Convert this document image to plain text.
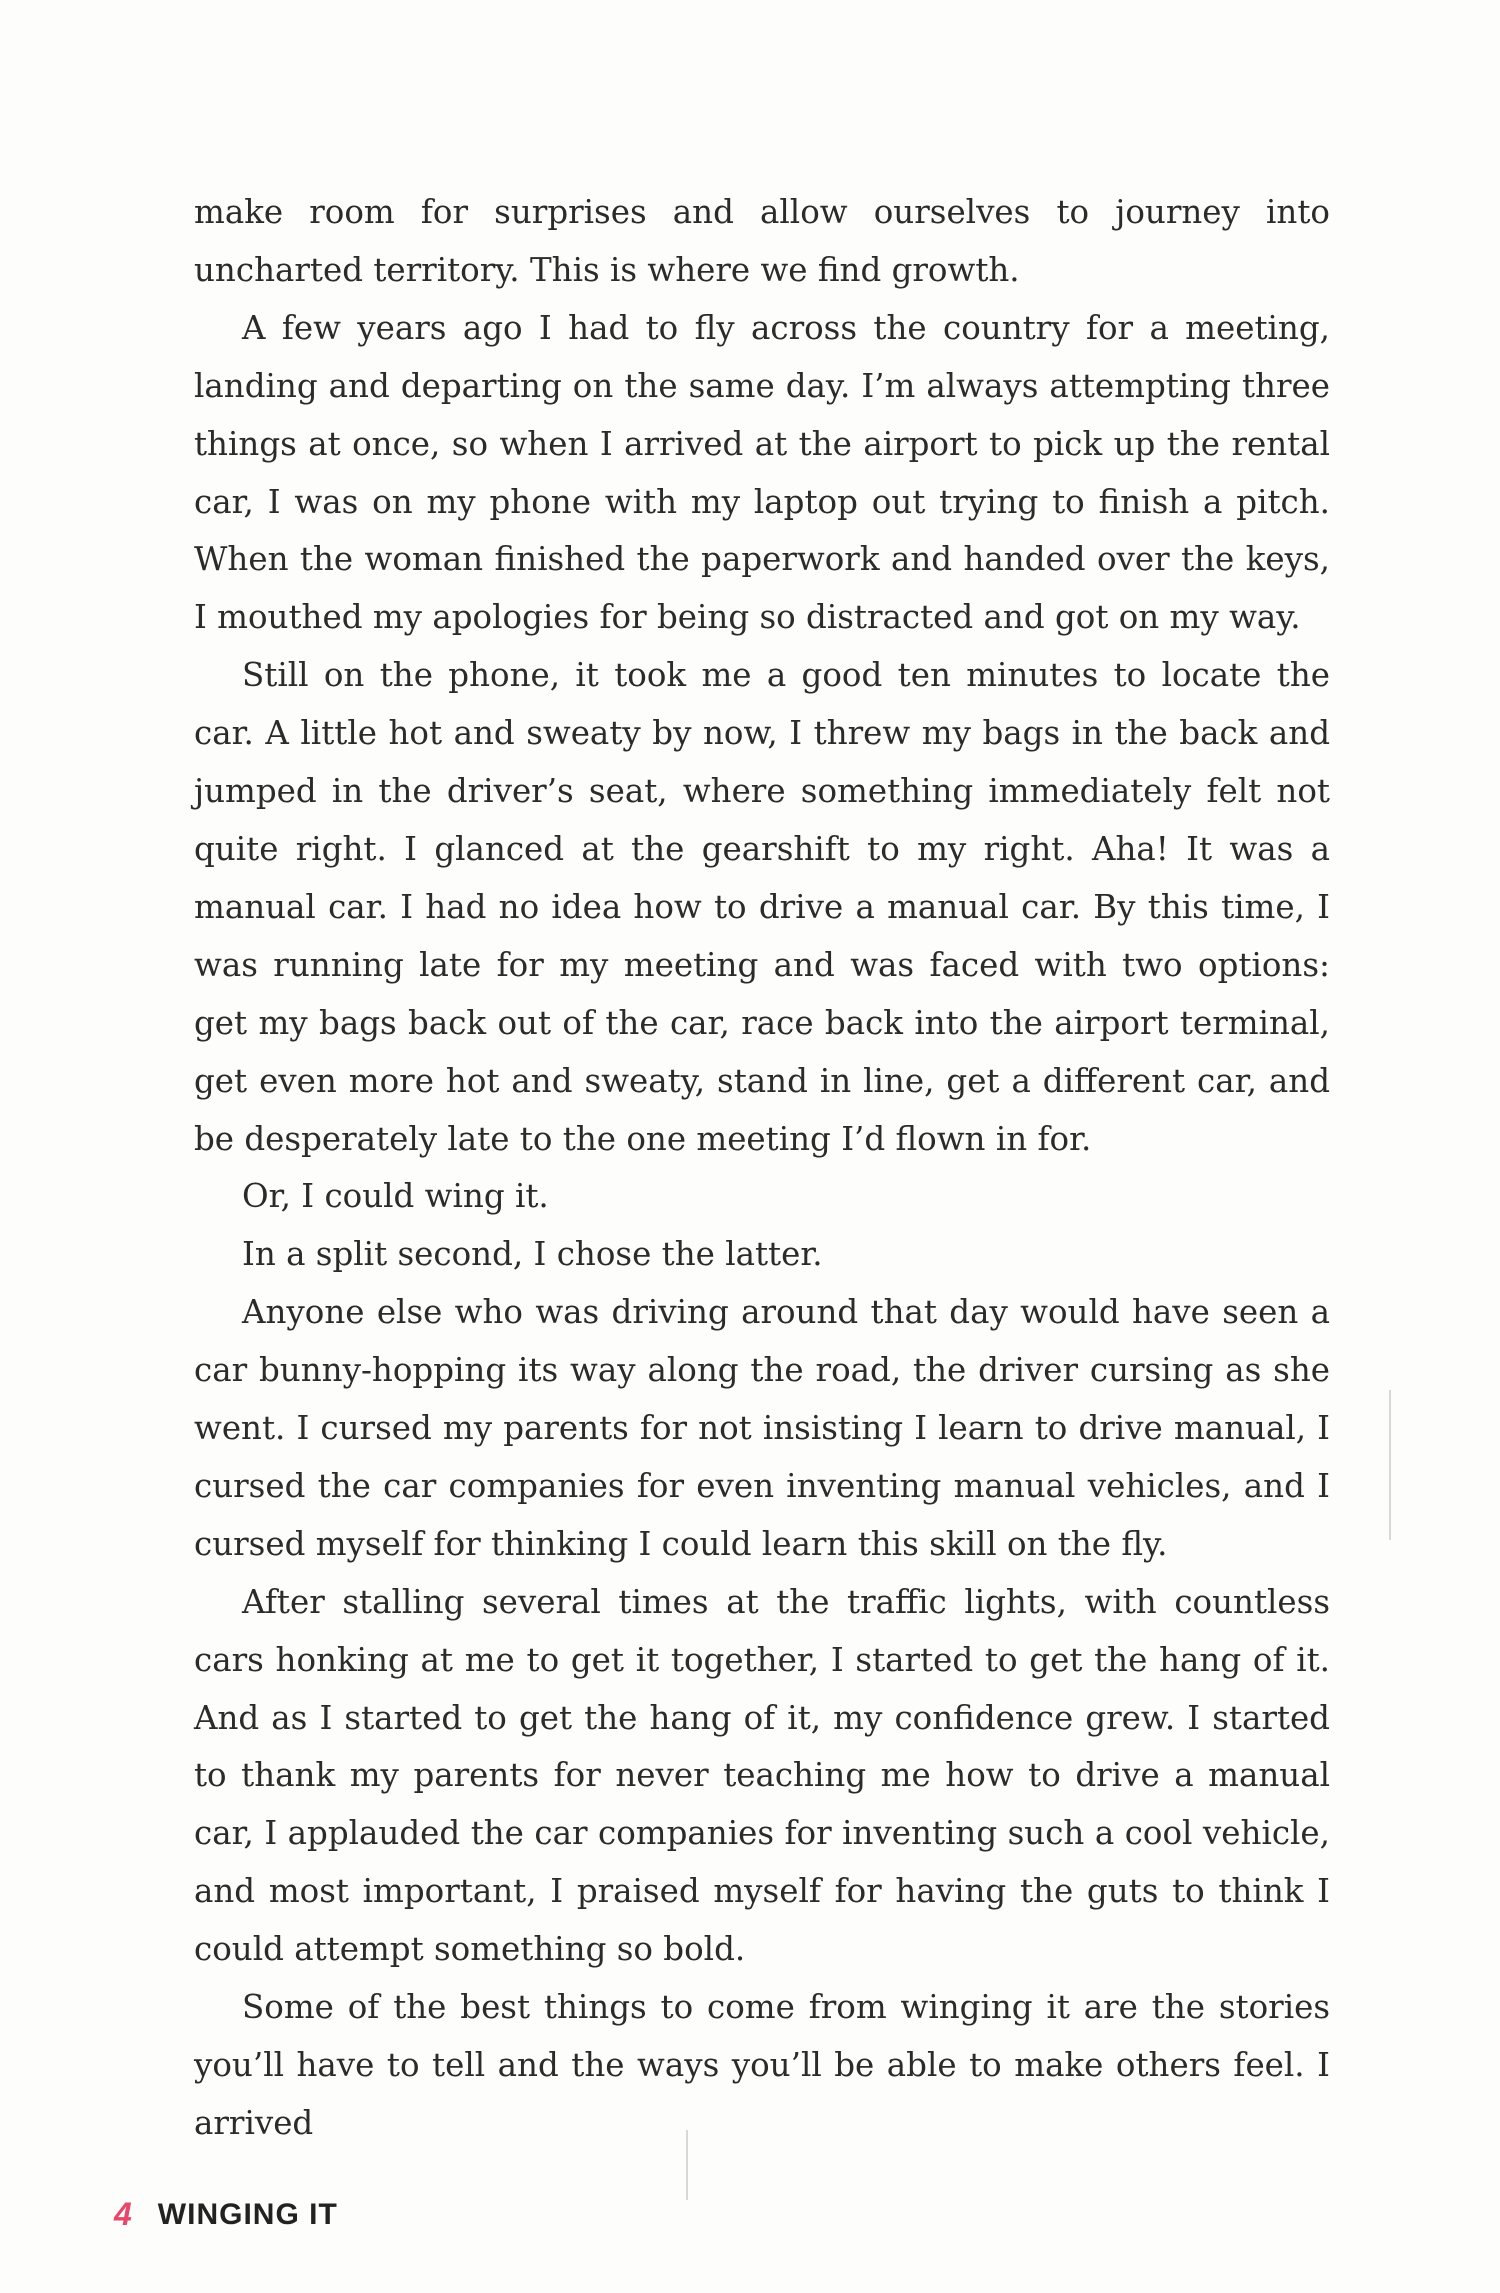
make room for surprises and allow ourselves to journey into uncharted territory. This is where we find growth.

A few years ago I had to fly across the country for a meeting, landing and departing on the same day. I’m always attempting three things at once, so when I arrived at the airport to pick up the rental car, I was on my phone with my laptop out trying to finish a pitch. When the woman finished the paperwork and handed over the keys, I mouthed my apologies for being so distracted and got on my way.

Still on the phone, it took me a good ten minutes to locate the car. A little hot and sweaty by now, I threw my bags in the back and jumped in the driver’s seat, where something immediately felt not quite right. I glanced at the gearshift to my right. Aha! It was a manual car. I had no idea how to drive a manual car. By this time, I was running late for my meeting and was faced with two options: get my bags back out of the car, race back into the airport terminal, get even more hot and sweaty, stand in line, get a different car, and be desperately late to the one meeting I’d flown in for.

Or, I could wing it.

In a split second, I chose the latter.

Anyone else who was driving around that day would have seen a car bunny-hopping its way along the road, the driver cursing as she went. I cursed my parents for not insisting I learn to drive manual, I cursed the car companies for even inventing manual vehicles, and I cursed myself for thinking I could learn this skill on the fly.

After stalling several times at the traffic lights, with countless cars honking at me to get it together, I started to get the hang of it. And as I started to get the hang of it, my confidence grew. I started to thank my parents for never teaching me how to drive a manual car, I applauded the car companies for inventing such a cool vehicle, and most important, I praised myself for having the guts to think I could attempt something so bold.

Some of the best things to come from winging it are the stories you’ll have to tell and the ways you’ll be able to make others feel. I arrived

4 WINGING IT
